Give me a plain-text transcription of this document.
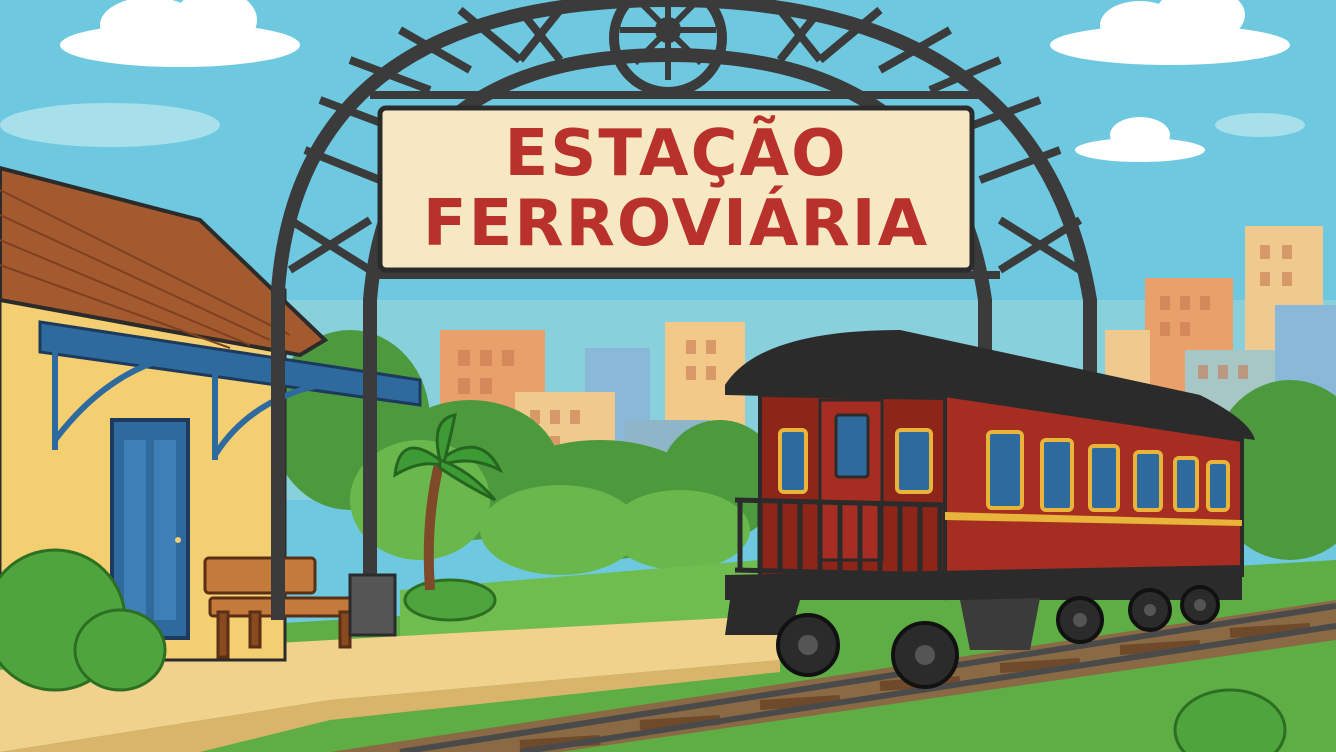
ESTAÇÃO
FERROVIÁRIA
